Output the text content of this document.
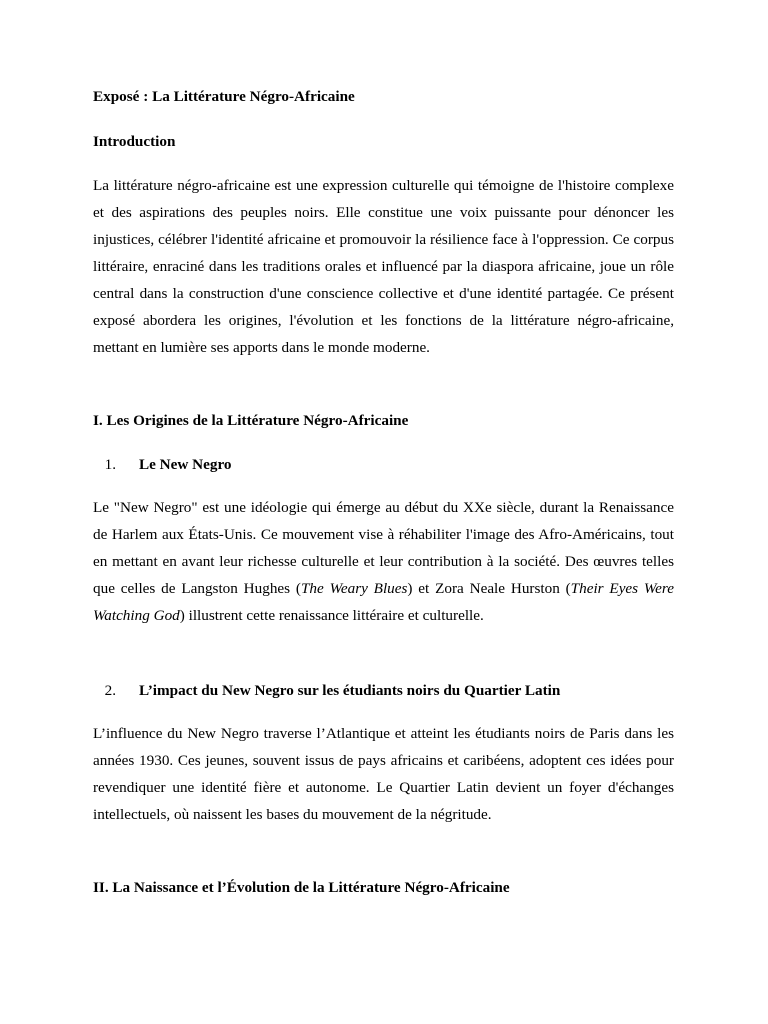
Exposé : La Littérature Négro-Africaine

Introduction

La littérature négro-africaine est une expression culturelle qui témoigne de l'histoire complexe et des aspirations des peuples noirs. Elle constitue une voix puissante pour dénoncer les injustices, célébrer l'identité africaine et promouvoir la résilience face à l'oppression. Ce corpus littéraire, enraciné dans les traditions orales et influencé par la diaspora africaine, joue un rôle central dans la construction d'une conscience collective et d'une identité partagée. Ce présent exposé abordera les origines, l'évolution et les fonctions de la littérature négro-africaine, mettant en lumière ses apports dans le monde moderne.

I. Les Origines de la Littérature Négro-Africaine

1. Le New Negro

Le "New Negro" est une idéologie qui émerge au début du XXe siècle, durant la Renaissance de Harlem aux États-Unis. Ce mouvement vise à réhabiliter l'image des Afro-Américains, tout en mettant en avant leur richesse culturelle et leur contribution à la société. Des œuvres telles que celles de Langston Hughes (The Weary Blues) et Zora Neale Hurston (Their Eyes Were Watching God) illustrent cette renaissance littéraire et culturelle.

2. L’impact du New Negro sur les étudiants noirs du Quartier Latin

L’influence du New Negro traverse l’Atlantique et atteint les étudiants noirs de Paris dans les années 1930. Ces jeunes, souvent issus de pays africains et caribéens, adoptent ces idées pour revendiquer une identité fière et autonome. Le Quartier Latin devient un foyer d'échanges intellectuels, où naissent les bases du mouvement de la négritude.

II. La Naissance et l’Évolution de la Littérature Négro-Africaine
